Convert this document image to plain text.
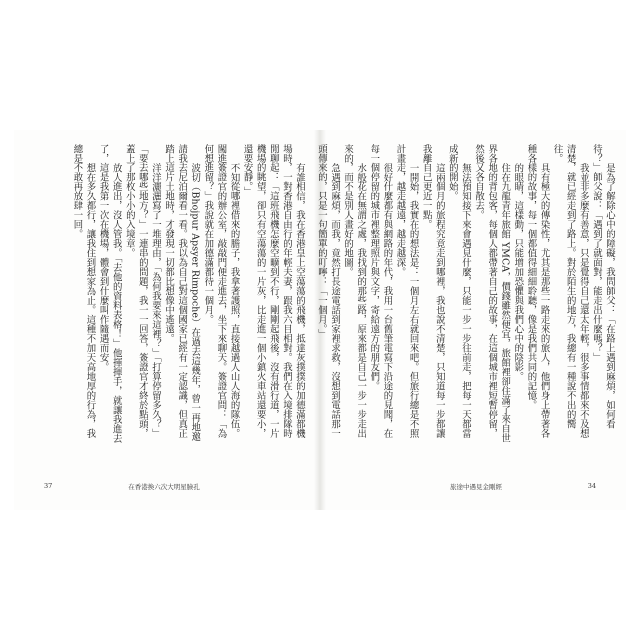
有誰相信，我在香港皇上空蕩蕩的飛機，抵達灰撲撲的加德滿都機場時，一對香港自由行的年輕夫妻，跟我六目相對。我們在入境排隊時閒聊起：「這班飛機怎麼空曠到不行，剛剛起飛後，沒有滑行道，一片機場的眺望，卻只有空蕩蕩的一片灰，比走進一個小鎮火車站還要小，還要安靜。」

不知從哪裡借來的膽子，我拿著護照，直接越過人山人海的隊伍。闖進簽證官的辦公室，敲敲門便走進去，坐下來聊天。簽證官問：「為何想進留？」我說就在加德滿都待一個月。

波切（Bhojpur Apsyer Rimpoche）在過去這幾年，曾一再地邀請我去尼泊爾看一看。我以為自己對這個國家已經有一定認識，但真正踏上這片土地時，才發現一切都比想像中遙遠。

洋洋灑灑寫了一堆理由，「為何我要來這裡？」「打算停留多久？」「要去哪些地方？」一連串的問題，我一一回答，簽證官才終於點頭，蓋上了那枚小小的入境章。

放人進出，沒人管我。「去他的資料表格！」他揮揮手，就讓我進去了，這是我第一次在機場，體會到什麼叫作隨遇而安。

想在多久都行，讓我住到想家為止。這種不加天高地厚的行為，我總是不敢再放肆一回。

37	在香港換六次大明星臉孔

是為了解除心中的障礙，我問師父：「在路上遇到麻煩，如何看待？」師父說：「遇到了就面對，能走出什麼嗎？」

我並非多麼有善意，只是覺得自己還太年輕，很多事情都來不及想清楚，就已經走到了路上。對於陌生的地方，我總有一種說不出的嚮往。

具有極大的傳染性，尤其是那些一路走來的旅人，他們身上帶著各種各樣的故事，每一個都值得細細聆聽，像是我們共同的記憶。

的眼睛，這樣動，只能增加恐懼與我們心中的陰影。

住在九龍青年旅館 YMCA，價錢雖然便宜，旅館裡卻住滿了來自世界各地的背包客，每個人都帶著自己的故事，在這個城市裡短暫停留，然後又各自散去。

無法預知接下來會遇見什麼，只能一步一步往前走，把每一天都當成新的開始。

這兩個月的旅程究竟走到哪裡，我也說不清楚，只知道每一步都讓我離自己更近一點。

一開始，我實在的想法是：一個月左右就回來吧。但旅行總是不照計畫走，越走越遠，越走越深。

很好什麼都有與網路的年代，我用一台舊筆電寫下沿途的見聞，在每一個停留的城市裡整理照片與文字，寄給遠方的朋友們。

水般花在無謂之處，我找到的那些路，原來都是自己一步一步走出來的，而不是別人畫好的地圖。

急遇到麻煩，而我，竟然打長途電話到家裡求救，沒想到電話那一頭傳來的，只是一句簡單的叮嚀：「一個月。」

旅途中遇見金剛經	34
